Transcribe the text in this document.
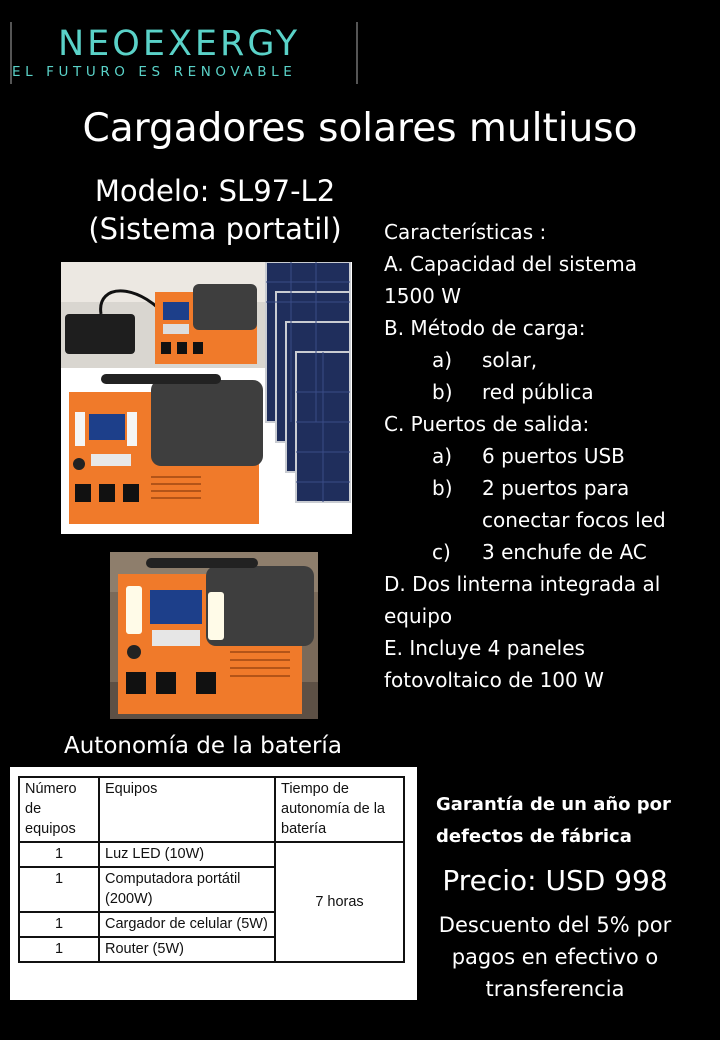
NEOEXERGY
EL FUTURO ES RENOVABLE
Cargadores solares multiuso
Modelo: SL97-L2
(Sistema portatil)	Características :
A. Capacidad del sistema
1500 W
B. Método de carga:
a)	solar,
b)	red pública
C. Puertos de salida:
a)	6 puertos USB
b)	2 puertos para
conectar focos led
c)	3 enchufe de AC
D. Dos linterna integrada al
equipo
E. Incluye 4 paneles
fotovoltaico de 100 W
Autonomía de la batería
Número de equipos	Equipos	Tiempo de autonomía de la batería
1	Luz LED (10W)	7 horas
1	Computadora portátil (200W)	
1	Cargador de celular (5W)	
1	Router (5W)	
Garantía de un año por defectos de fábrica
Precio: USD 998
Descuento del 5% por pagos en efectivo o transferencia
